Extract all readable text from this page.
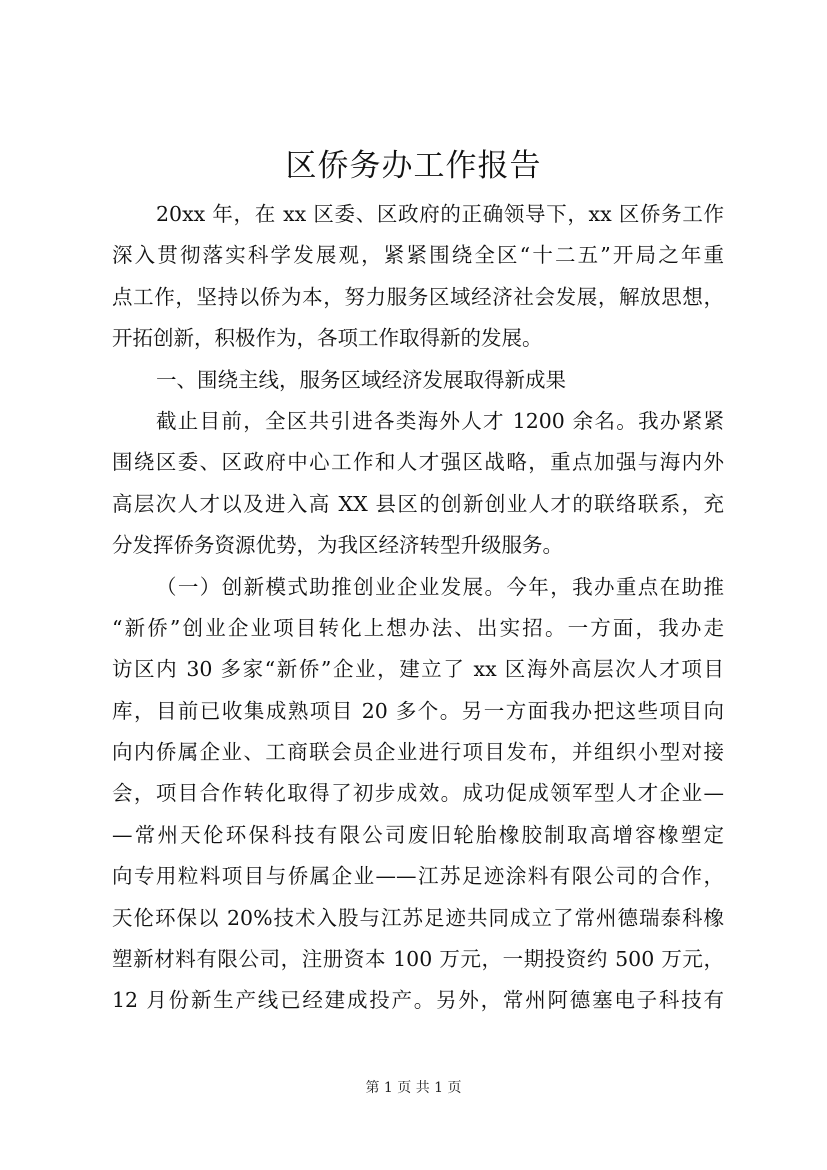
区侨务办工作报告
20xx 年，在 xx 区委、区政府的正确领导下，xx 区侨务工作
深入贯彻落实科学发展观，紧紧围绕全区“十二五”开局之年重
点工作，坚持以侨为本，努力服务区域经济社会发展，解放思想，
开拓创新，积极作为，各项工作取得新的发展。
一、围绕主线，服务区域经济发展取得新成果
截止目前，全区共引进各类海外人才 1200 余名。我办紧紧
围绕区委、区政府中心工作和人才强区战略，重点加强与海内外
高层次人才以及进入高 XX 县区的创新创业人才的联络联系，充
分发挥侨务资源优势，为我区经济转型升级服务。
（一）创新模式助推创业企业发展。今年，我办重点在助推
“新侨”创业企业项目转化上想办法、出实招。一方面，我办走
访区内 30 多家“新侨”企业，建立了 xx 区海外高层次人才项目
库，目前已收集成熟项目 20 多个。另一方面我办把这些项目向
向内侨属企业、工商联会员企业进行项目发布，并组织小型对接
会，项目合作转化取得了初步成效。成功促成领军型人才企业—
—常州天伦环保科技有限公司废旧轮胎橡胶制取高增容橡塑定
向专用粒料项目与侨属企业——江苏足迹涂料有限公司的合作，
天伦环保以 20%技术入股与江苏足迹共同成立了常州德瑞泰科橡
塑新材料有限公司，注册资本 100 万元，一期投资约 500 万元，
12 月份新生产线已经建成投产。另外，常州阿德塞电子科技有
第 1 页 共 1 页
